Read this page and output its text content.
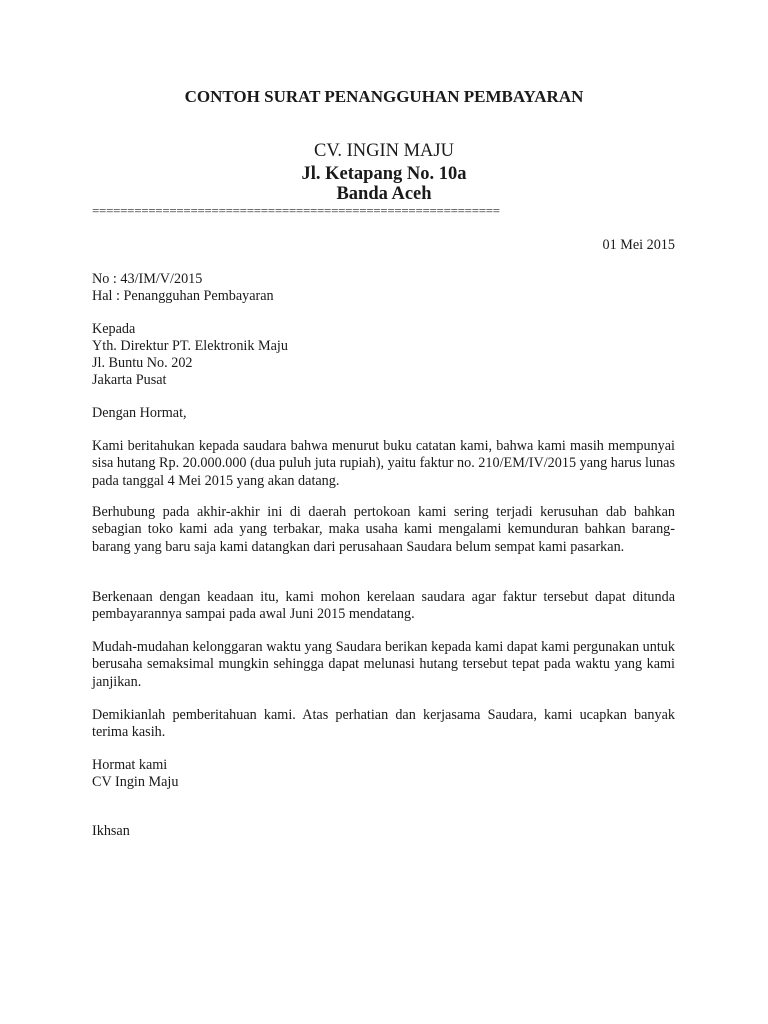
CONTOH SURAT PENANGGUHAN PEMBAYARAN

CV. INGIN MAJU

Jl. Ketapang No. 10a

Banda Aceh

==========================================================

01 Mei 2015

No : 43/IM/V/2015

Hal : Penangguhan Pembayaran

Kepada

Yth. Direktur PT. Elektronik Maju

Jl. Buntu No. 202

Jakarta Pusat

Dengan Hormat,

Kami beritahukan kepada saudara bahwa menurut buku catatan kami, bahwa kami masih mempunyai sisa hutang Rp. 20.000.000 (dua puluh juta rupiah), yaitu faktur no. 210/EM/IV/2015 yang harus lunas pada tanggal 4 Mei 2015 yang akan datang.

Berhubung pada akhir-akhir ini di daerah pertokoan kami sering terjadi kerusuhan dab bahkan sebagian toko kami ada yang terbakar, maka usaha kami mengalami kemunduran bahkan barang-barang yang baru saja kami datangkan dari perusahaan Saudara belum sempat kami pasarkan.

Berkenaan dengan keadaan itu, kami mohon kerelaan saudara agar faktur tersebut dapat ditunda pembayarannya sampai pada awal Juni 2015 mendatang.

Mudah-mudahan kelonggaran waktu yang Saudara berikan kepada kami dapat kami pergunakan untuk berusaha semaksimal mungkin sehingga dapat melunasi hutang tersebut tepat pada waktu yang kami janjikan.

Demikianlah pemberitahuan kami. Atas perhatian dan kerjasama Saudara, kami ucapkan banyak terima kasih.

Hormat kami

CV Ingin Maju

Ikhsan
